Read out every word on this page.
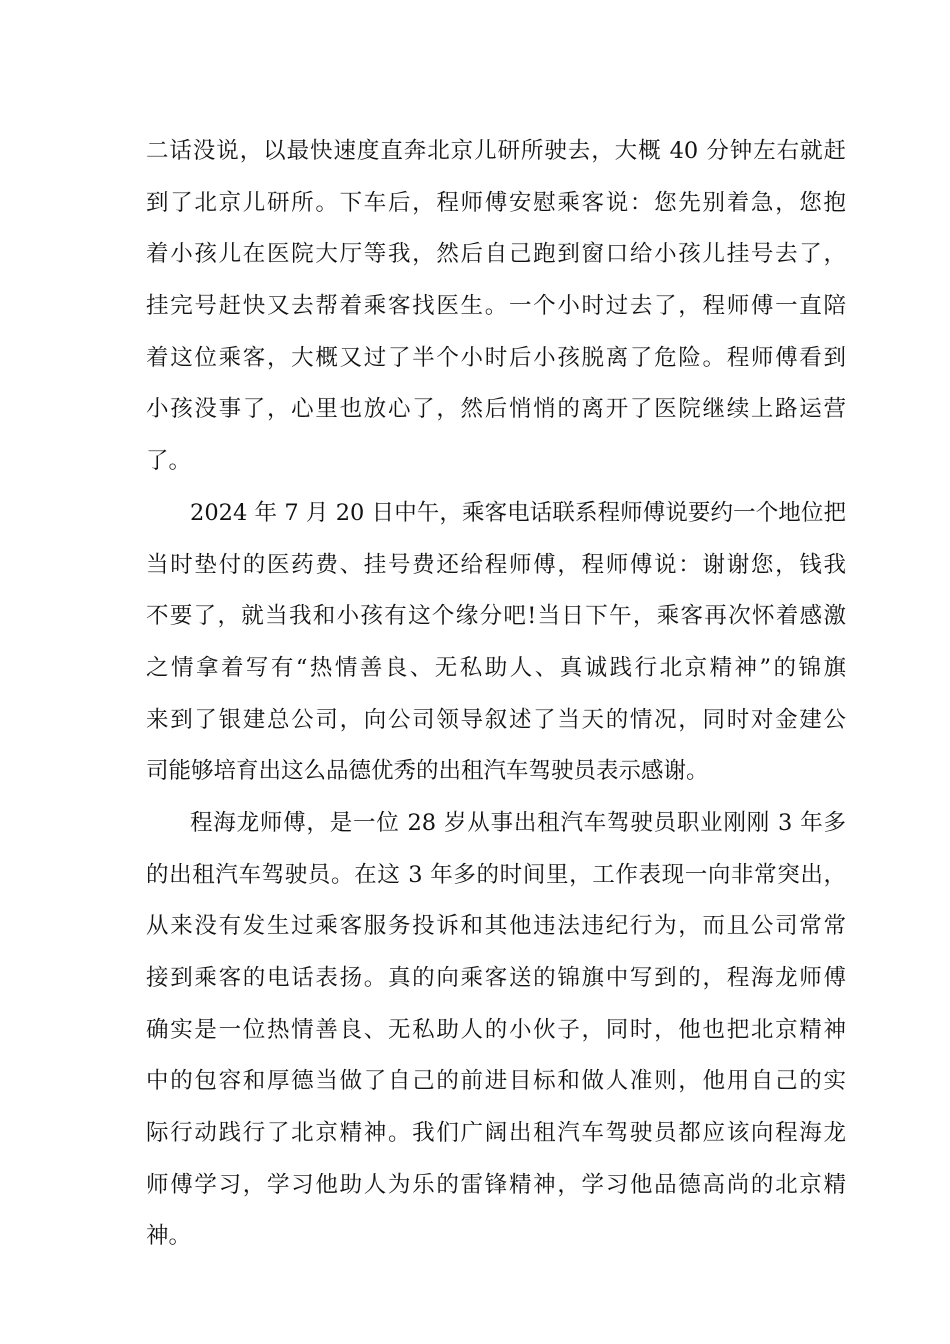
二话没说，以最快速度直奔北京儿研所驶去，大概 40 分钟左右就赶
到了北京儿研所。下车后，程师傅安慰乘客说：您先别着急，您抱
着小孩儿在医院大厅等我，然后自己跑到窗口给小孩儿挂号去了，
挂完号赶快又去帮着乘客找医生。一个小时过去了，程师傅一直陪
着这位乘客，大概又过了半个小时后小孩脱离了危险。程师傅看到
小孩没事了，心里也放心了，然后悄悄的离开了医院继续上路运营
了。
2024 年 7 月 20 日中午，乘客电话联系程师傅说要约一个地位把
当时垫付的医药费、挂号费还给程师傅，程师傅说：谢谢您，钱我
不要了，就当我和小孩有这个缘分吧!当日下午，乘客再次怀着感激
之情拿着写有“热情善良、无私助人、真诚践行北京精神”的锦旗
来到了银建总公司，向公司领导叙述了当天的情况，同时对金建公
司能够培育出这么品德优秀的出租汽车驾驶员表示感谢。
程海龙师傅，是一位 28 岁从事出租汽车驾驶员职业刚刚 3 年多
的出租汽车驾驶员。在这 3 年多的时间里，工作表现一向非常突出，
从来没有发生过乘客服务投诉和其他违法违纪行为，而且公司常常
接到乘客的电话表扬。真的向乘客送的锦旗中写到的，程海龙师傅
确实是一位热情善良、无私助人的小伙子，同时，他也把北京精神
中的包容和厚德当做了自己的前进目标和做人准则，他用自己的实
际行动践行了北京精神。我们广阔出租汽车驾驶员都应该向程海龙
师傅学习，学习他助人为乐的雷锋精神，学习他品德高尚的北京精
神。
